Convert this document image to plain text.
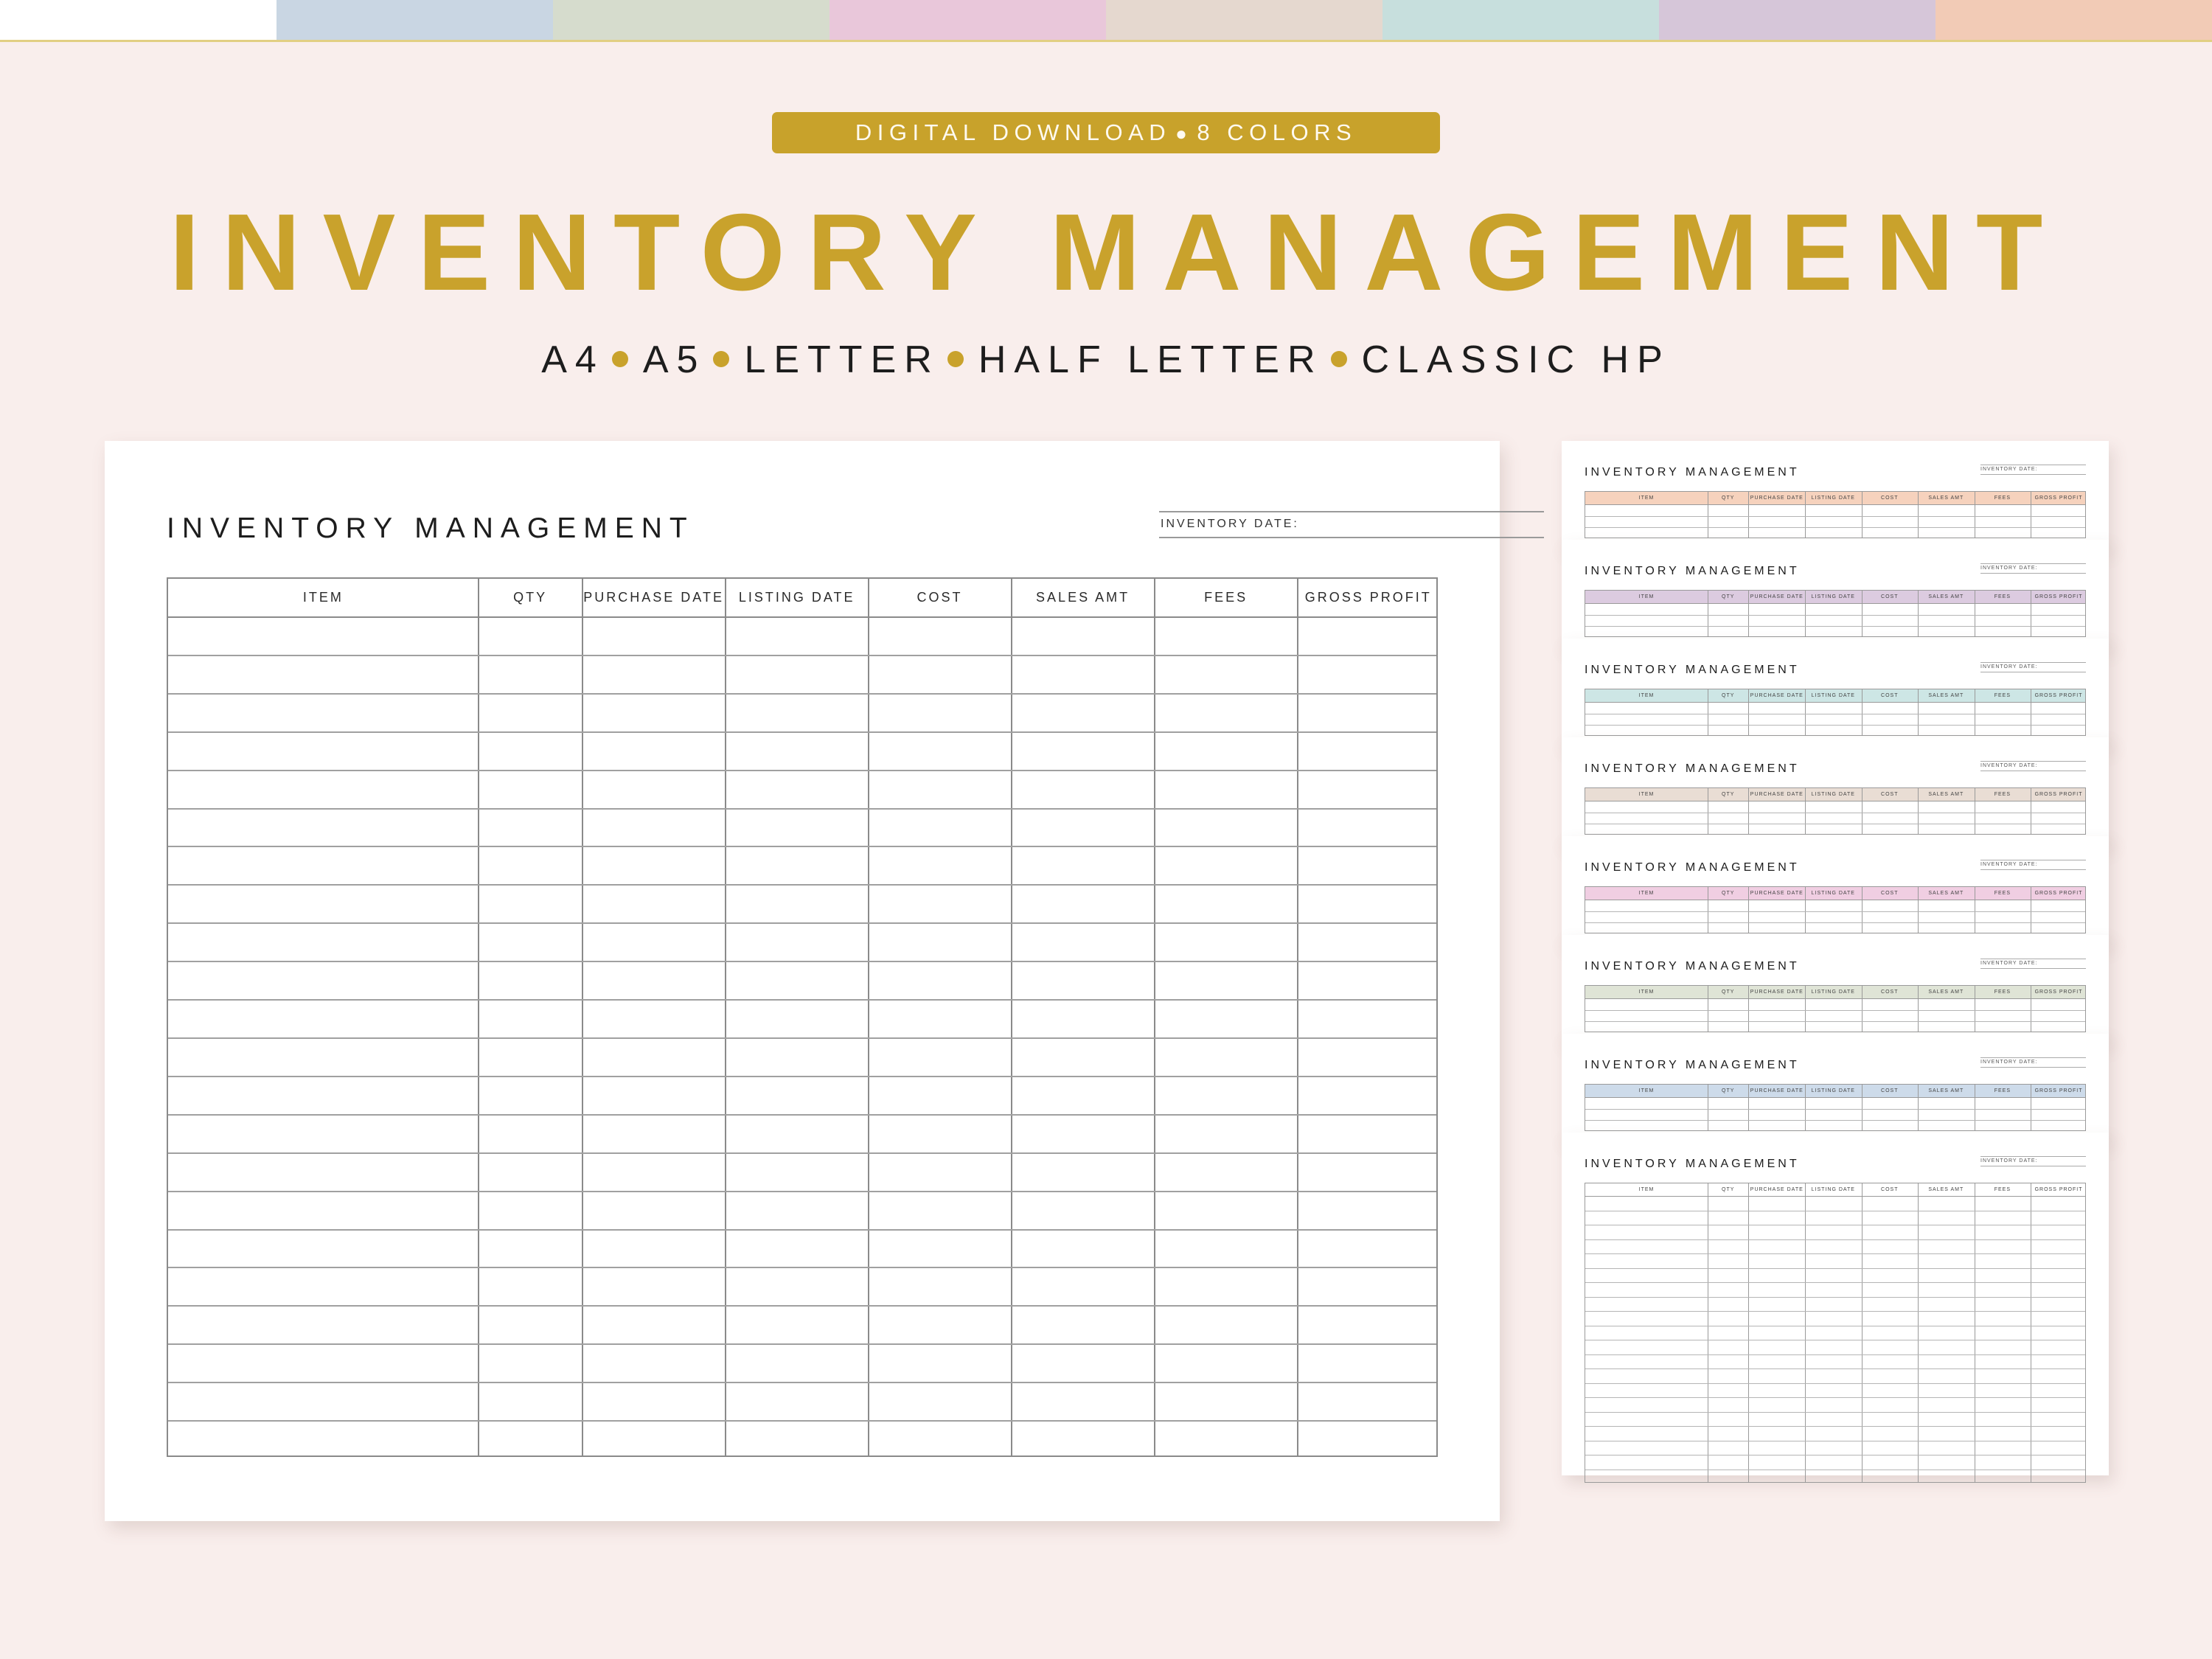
DIGITAL DOWNLOAD ● 8 COLORS
INVENTORY MANAGEMENT
A4 A5 LETTER HALF LETTER CLASSIC HP
INVENTORY MANAGEMENT	INVENTORY DATE:
ITEM	QTY	PURCHASE DATE	LISTING DATE	COST	SALES AMT	FEES	GROSS PROFIT
INVENTORY MANAGEMENT	INVENTORY DATE:
ITEM	QTY	PURCHASE DATE	LISTING DATE	COST	SALES AMT	FEES	GROSS PROFIT
INVENTORY MANAGEMENT	INVENTORY DATE:
ITEM	QTY	PURCHASE DATE	LISTING DATE	COST	SALES AMT	FEES	GROSS PROFIT
INVENTORY MANAGEMENT	INVENTORY DATE:
ITEM	QTY	PURCHASE DATE	LISTING DATE	COST	SALES AMT	FEES	GROSS PROFIT
INVENTORY MANAGEMENT	INVENTORY DATE:
ITEM	QTY	PURCHASE DATE	LISTING DATE	COST	SALES AMT	FEES	GROSS PROFIT
INVENTORY MANAGEMENT	INVENTORY DATE:
ITEM	QTY	PURCHASE DATE	LISTING DATE	COST	SALES AMT	FEES	GROSS PROFIT
INVENTORY MANAGEMENT	INVENTORY DATE:
ITEM	QTY	PURCHASE DATE	LISTING DATE	COST	SALES AMT	FEES	GROSS PROFIT
INVENTORY MANAGEMENT	INVENTORY DATE:
ITEM	QTY	PURCHASE DATE	LISTING DATE	COST	SALES AMT	FEES	GROSS PROFIT
INVENTORY MANAGEMENT	INVENTORY DATE:
ITEM	QTY	PURCHASE DATE	LISTING DATE	COST	SALES AMT	FEES	GROSS PROFIT
